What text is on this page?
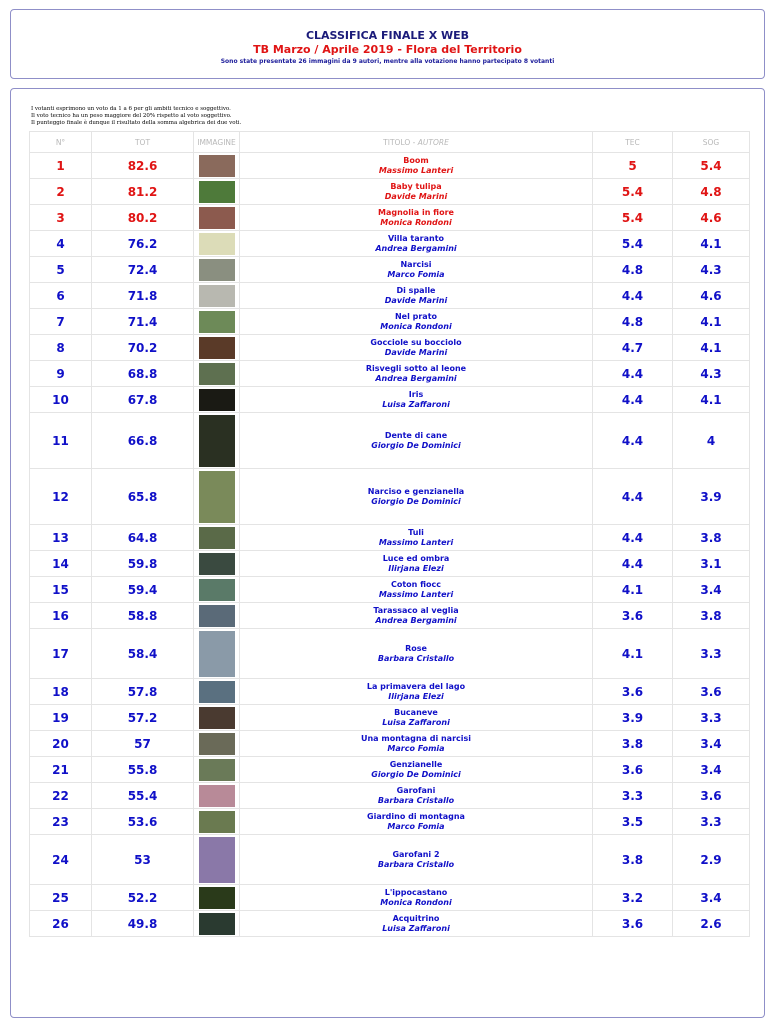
CLASSIFICA FINALE X WEB
TB Marzo / Aprile 2019 - Flora del Territorio
Sono state presentate 26 immagini da 9 autori, mentre alla votazione hanno partecipato 8 votanti
I votanti esprimono un voto da 1 a 6 per gli ambiti tecnico e soggettivo.
Il voto tecnico ha un peso maggiore del 20% rispetto al voto soggettivo.
Il punteggio finale è dunque il risultato della somma algebrica dei due voti.
N°	TOT	IMMAGINE	TITOLO - AUTORE	TEC	SOG
1	82.6		Boom
Massimo Lanteri	5	5.4
2	81.2		Baby tulipa
Davide Marini	5.4	4.8
3	80.2		Magnolia in fiore
Monica Rondoni	5.4	4.6
4	76.2		Villa taranto
Andrea Bergamini	5.4	4.1
5	72.4		Narcisi
Marco Fomia	4.8	4.3
6	71.8		Di spalle
Davide Marini	4.4	4.6
7	71.4		Nel prato
Monica Rondoni	4.8	4.1
8	70.2		Gocciole su bocciolo
Davide Marini	4.7	4.1
9	68.8		Risvegli sotto al leone
Andrea Bergamini	4.4	4.3
10	67.8		Iris
Luisa Zaffaroni	4.4	4.1
11	66.8		Dente di cane
Giorgio De Dominici	4.4	4
12	65.8		Narciso e genzianella
Giorgio De Dominici	4.4	3.9
13	64.8		Tuli
Massimo Lanteri	4.4	3.8
14	59.8		Luce ed ombra
Ilirjana Elezi	4.4	3.1
15	59.4		Coton fiocc
Massimo Lanteri	4.1	3.4
16	58.8		Tarassaco al veglia
Andrea Bergamini	3.6	3.8
17	58.4		Rose
Barbara Cristallo	4.1	3.3
18	57.8		La primavera del lago
Ilirjana Elezi	3.6	3.6
19	57.2		Bucaneve
Luisa Zaffaroni	3.9	3.3
20	57		Una montagna di narcisi
Marco Fomia	3.8	3.4
21	55.8		Genzianelle
Giorgio De Dominici	3.6	3.4
22	55.4		Garofani
Barbara Cristallo	3.3	3.6
23	53.6		Giardino di montagna
Marco Fomia	3.5	3.3
24	53		Garofani 2
Barbara Cristallo	3.8	2.9
25	52.2		L'ippocastano
Monica Rondoni	3.2	3.4
26	49.8		Acquitrino
Luisa Zaffaroni	3.6	2.6
